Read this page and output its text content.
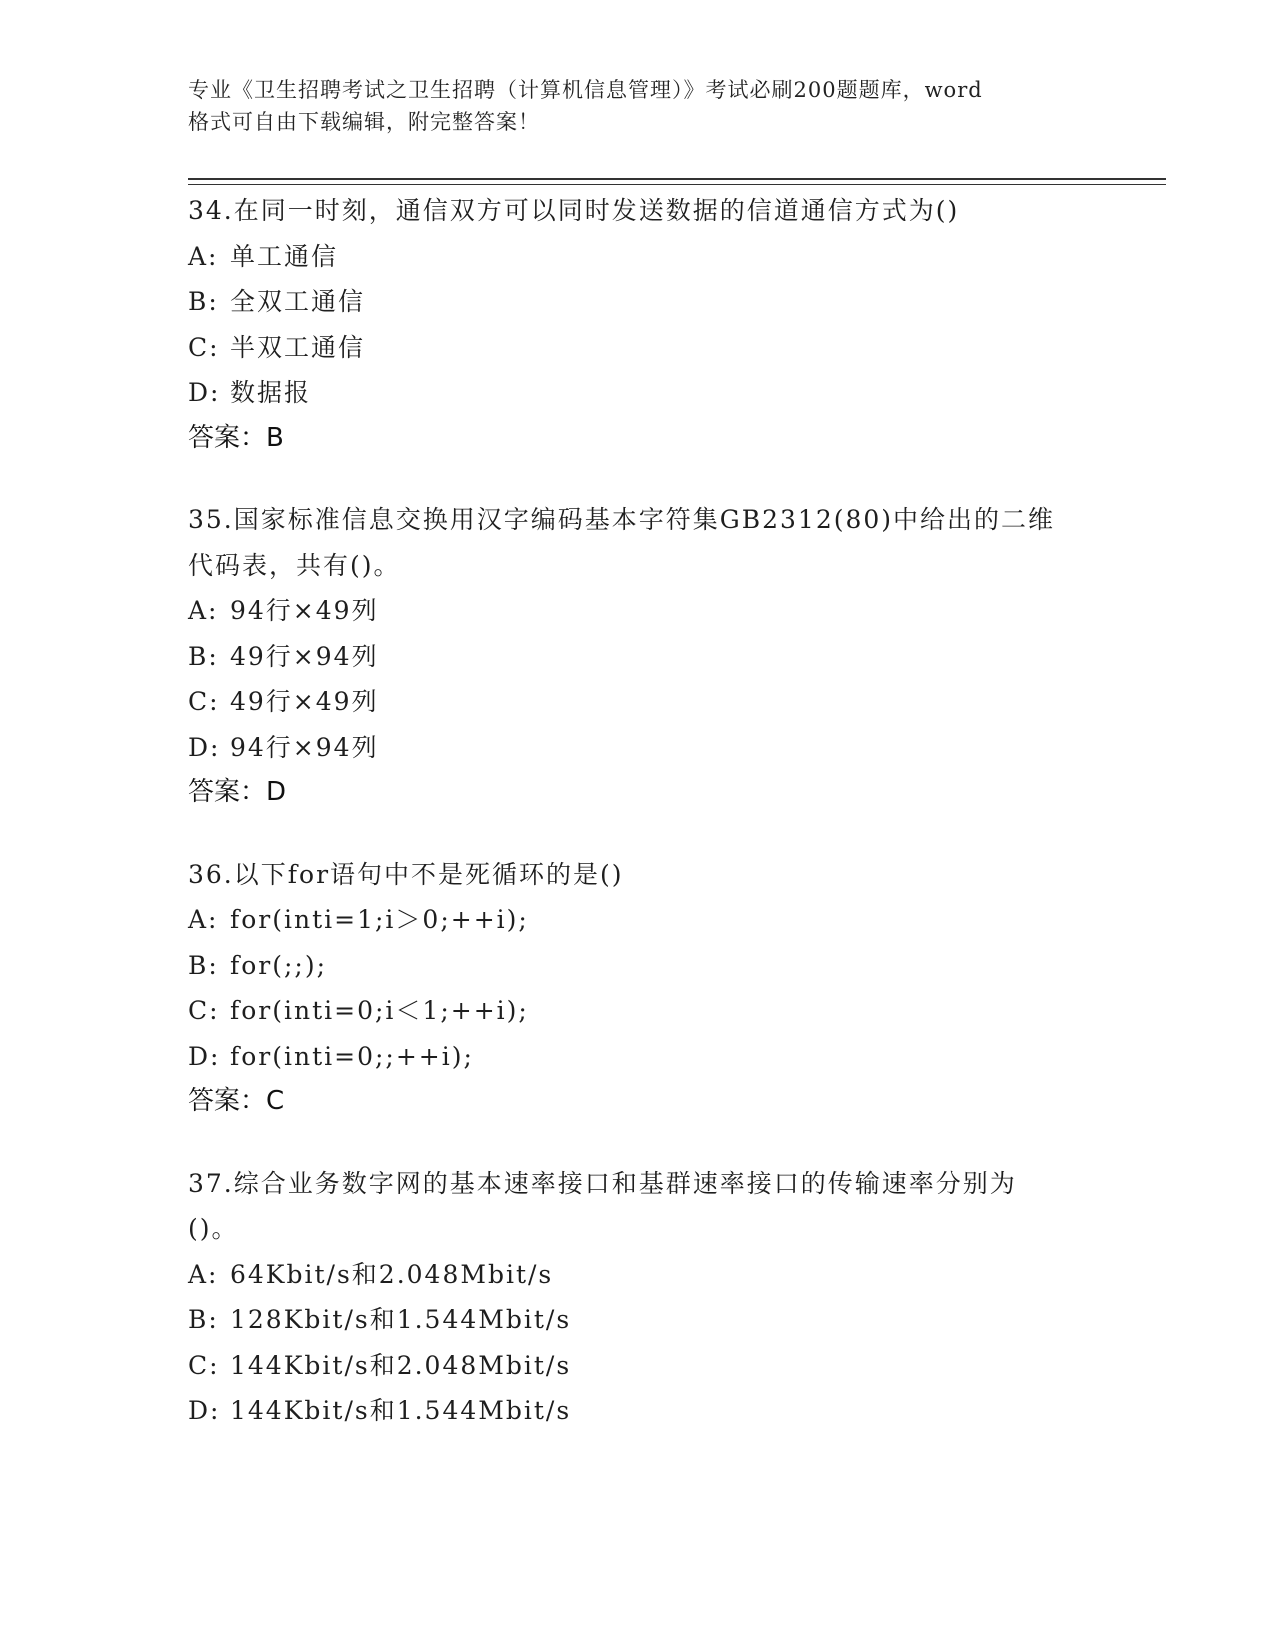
专业《卫生招聘考试之卫生招聘（计算机信息管理）》考试必刷200题题库，word
格式可自由下载编辑，附完整答案！
34.在同一时刻，通信双方可以同时发送数据的信道通信方式为()
A: 单工通信
B: 全双工通信
C: 半双工通信
D: 数据报
答案：B
35.国家标准信息交换用汉字编码基本字符集GB2312(80)中给出的二维
代码表，共有()。
A: 94行×49列
B: 49行×94列
C: 49行×49列
D: 94行×94列
答案：D
36.以下for语句中不是死循环的是()
A: for(inti=1;i＞0;++i);
B: for(;;);
C: for(inti=0;i＜1;++i);
D: for(inti=0;;++i);
答案：C
37.综合业务数字网的基本速率接口和基群速率接口的传输速率分别为
()。
A: 64Kbit/s和2.048Mbit/s
B: 128Kbit/s和1.544Mbit/s
C: 144Kbit/s和2.048Mbit/s
D: 144Kbit/s和1.544Mbit/s
